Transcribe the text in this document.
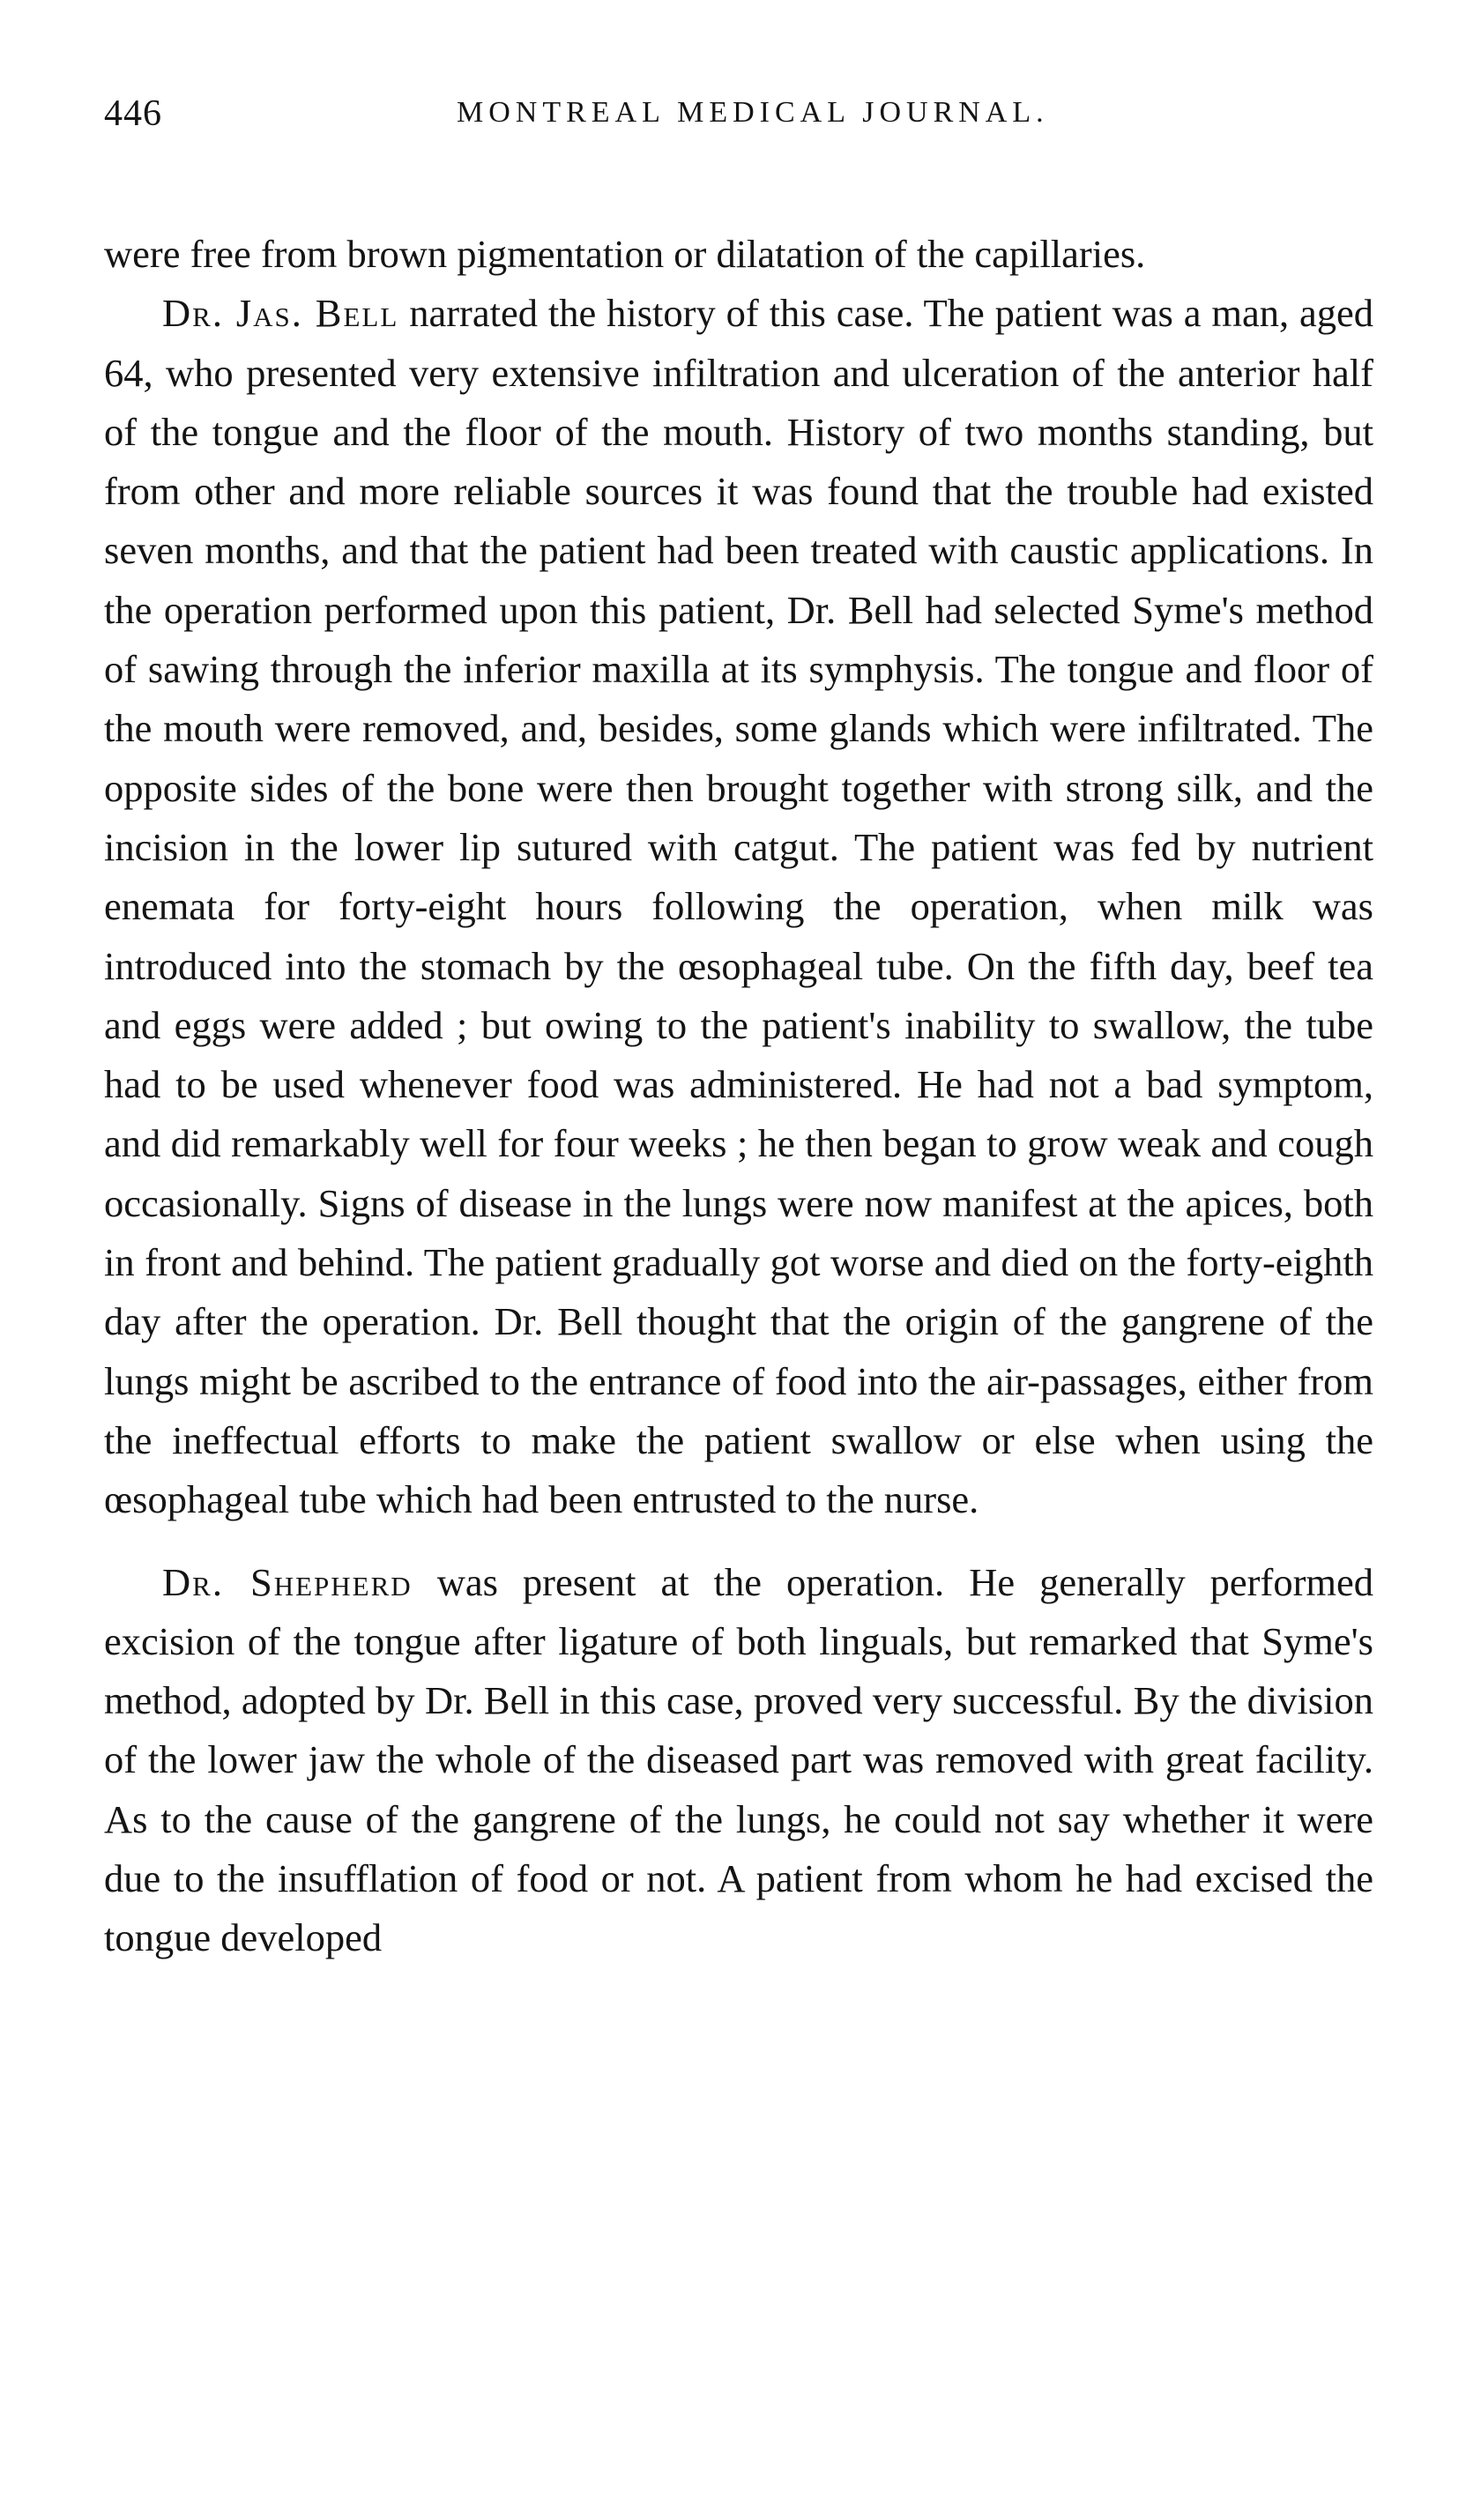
446	MONTREAL MEDICAL JOURNAL.

were free from brown pigmentation or dilatation of the capillaries.

Dr. Jas. Bell narrated the history of this case. The patient was a man, aged 64, who presented very extensive infiltration and ulceration of the anterior half of the tongue and the floor of the mouth. History of two months standing, but from other and more reliable sources it was found that the trouble had existed seven months, and that the patient had been treated with caustic applications. In the operation performed upon this patient, Dr. Bell had selected Syme's method of sawing through the inferior maxilla at its symphysis. The tongue and floor of the mouth were removed, and, besides, some glands which were infiltrated. The opposite sides of the bone were then brought together with strong silk, and the incision in the lower lip sutured with catgut. The patient was fed by nutrient enemata for forty-eight hours following the operation, when milk was introduced into the stomach by the œsophageal tube. On the fifth day, beef tea and eggs were added ; but owing to the patient's inability to swallow, the tube had to be used whenever food was administered. He had not a bad symptom, and did remarkably well for four weeks ; he then began to grow weak and cough occasionally. Signs of disease in the lungs were now manifest at the apices, both in front and behind. The patient gradually got worse and died on the forty-eighth day after the operation. Dr. Bell thought that the origin of the gangrene of the lungs might be ascribed to the entrance of food into the air-passages, either from the ineffectual efforts to make the patient swallow or else when using the œsophageal tube which had been entrusted to the nurse.

Dr. Shepherd was present at the operation. He generally performed excision of the tongue after ligature of both linguals, but remarked that Syme's method, adopted by Dr. Bell in this case, proved very successful. By the division of the lower jaw the whole of the diseased part was removed with great facility. As to the cause of the gangrene of the lungs, he could not say whether it were due to the insufflation of food or not. A patient from whom he had excised the tongue developed
